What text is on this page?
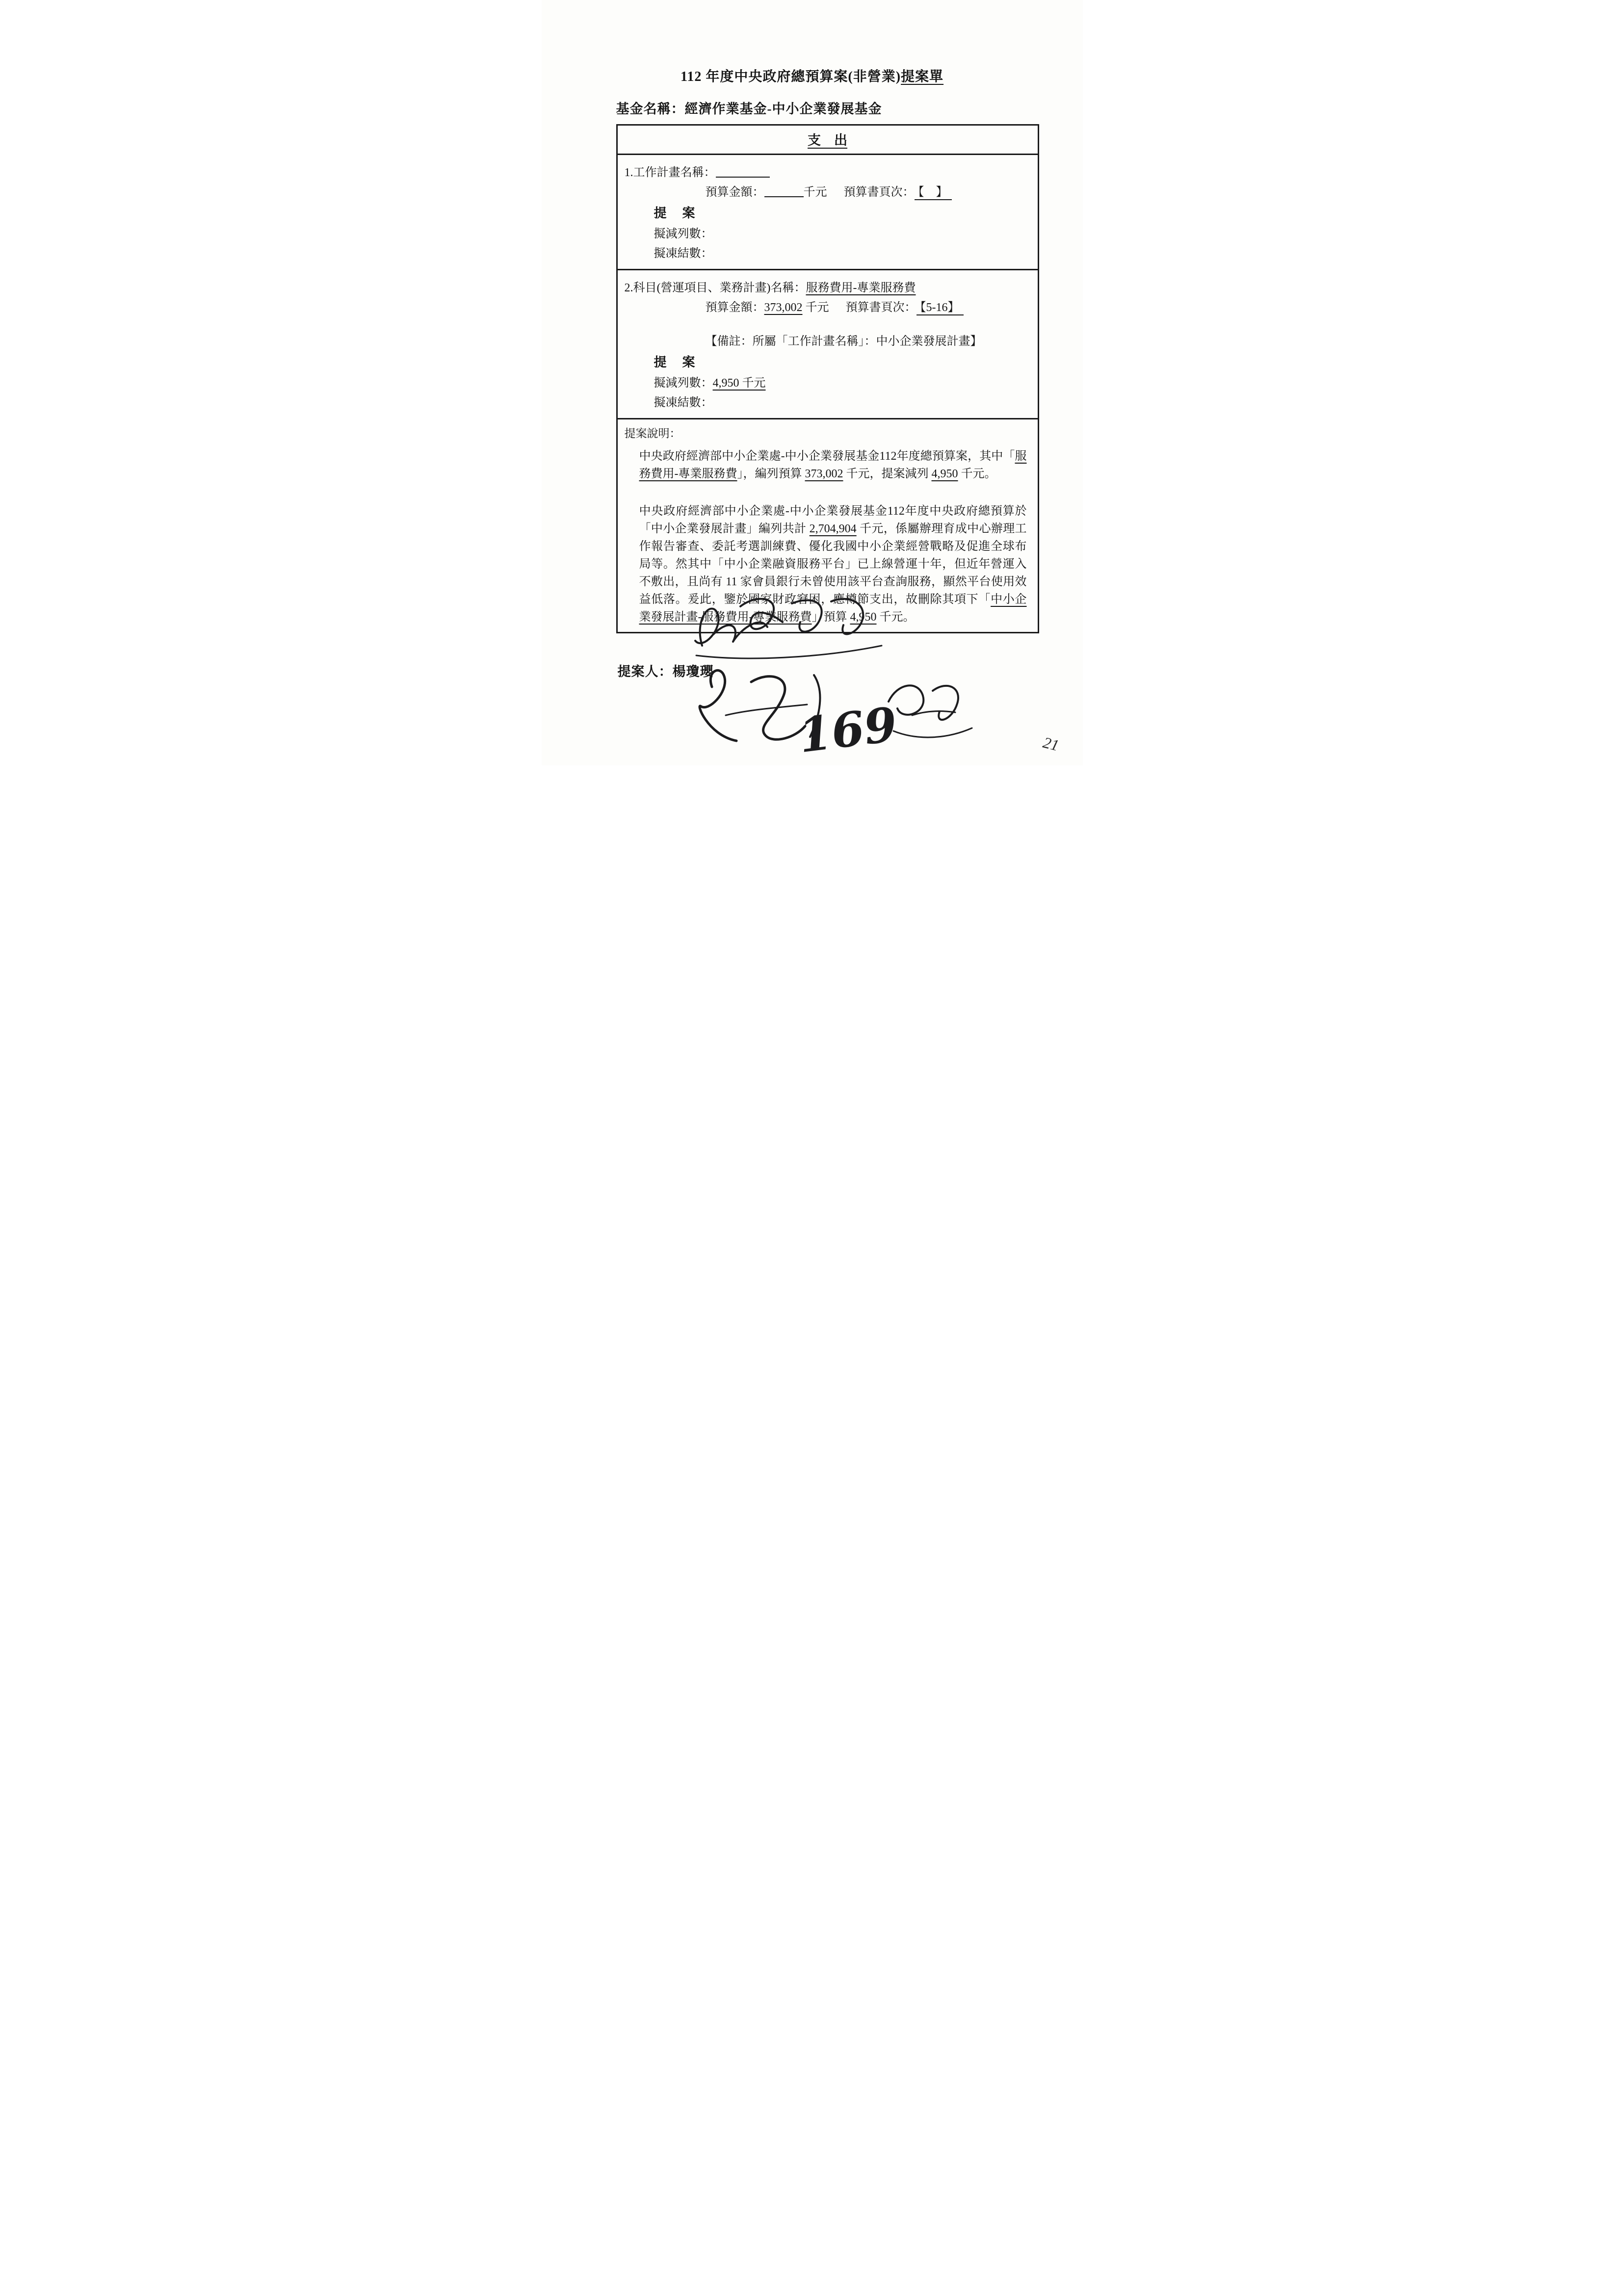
112 年度中央政府總預算案(非營業)提案單
基金名稱：經濟作業基金-中小企業發展基金
支　出
1.工作計畫名稱：
預算金額：	千元 預算書頁次： 【　】
提　案
擬減列數：
擬凍結數：
2.科目(營運項目、業務計畫)名稱：服務費用-專業服務費
預算金額：373,002 千元 預算書頁次： 【5-16】
【備註：所屬「工作計畫名稱」：中小企業發展計畫】
提　案
擬減列數：4,950 千元
擬凍結數：
提案說明：
中央政府經濟部中小企業處-中小企業發展基金112年度總預算案，其中「服務費用-專業服務費」，編列預算 373,002 千元，提案減列 4,950 千元。
中央政府經濟部中小企業處-中小企業發展基金112年度中央政府總預算於「中小企業發展計畫」編列共計 2,704,904 千元，係屬辦理育成中心辦理工作報告審查、委託考選訓練費、優化我國中小企業經營戰略及促進全球布局等。然其中「中小企業融資服務平台」已上線營運十年，但近年營運入不敷出，且尚有 11 家會員銀行未曾使用該平台查詢服務，顯然平台使用效益低落。爰此，鑒於國家財政窘困，應樽節支出，故刪除其項下「中小企業發展計畫-服務費用-專業服務費」預算 4,950 千元。
提案人：楊瓊瓔
169	21
